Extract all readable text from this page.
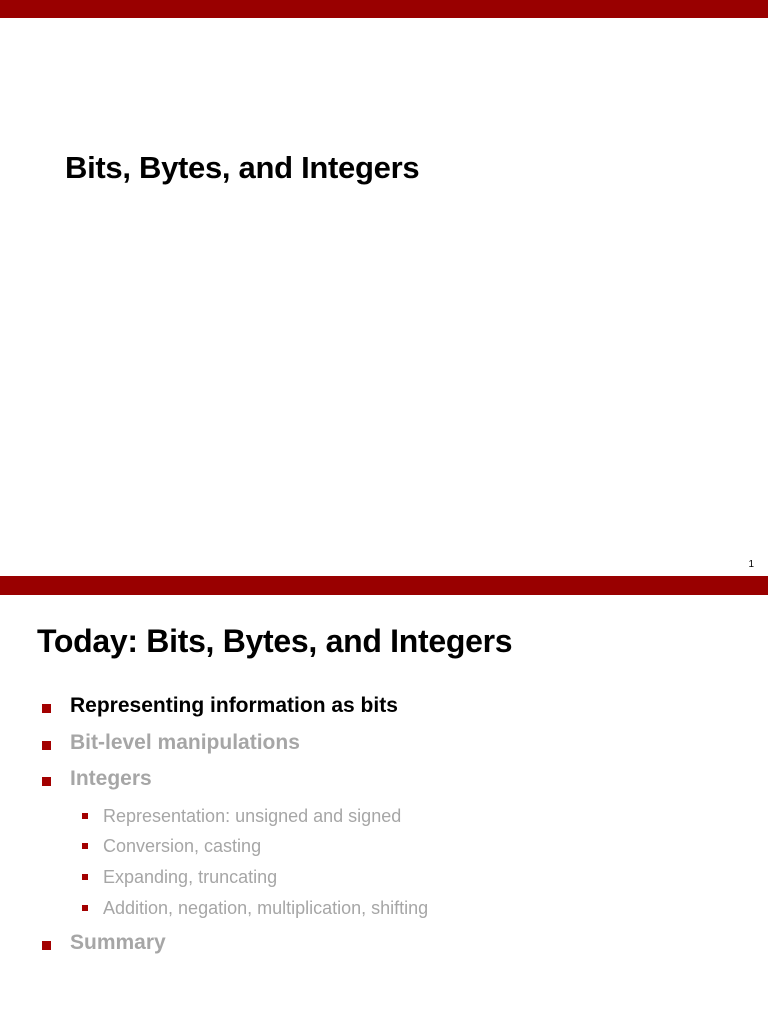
Bits, Bytes, and Integers
1
Today: Bits, Bytes, and Integers
Representing information as bits
Bit-level manipulations
Integers
Representation: unsigned and signed
Conversion, casting
Expanding, truncating
Addition, negation, multiplication, shifting
Summary
